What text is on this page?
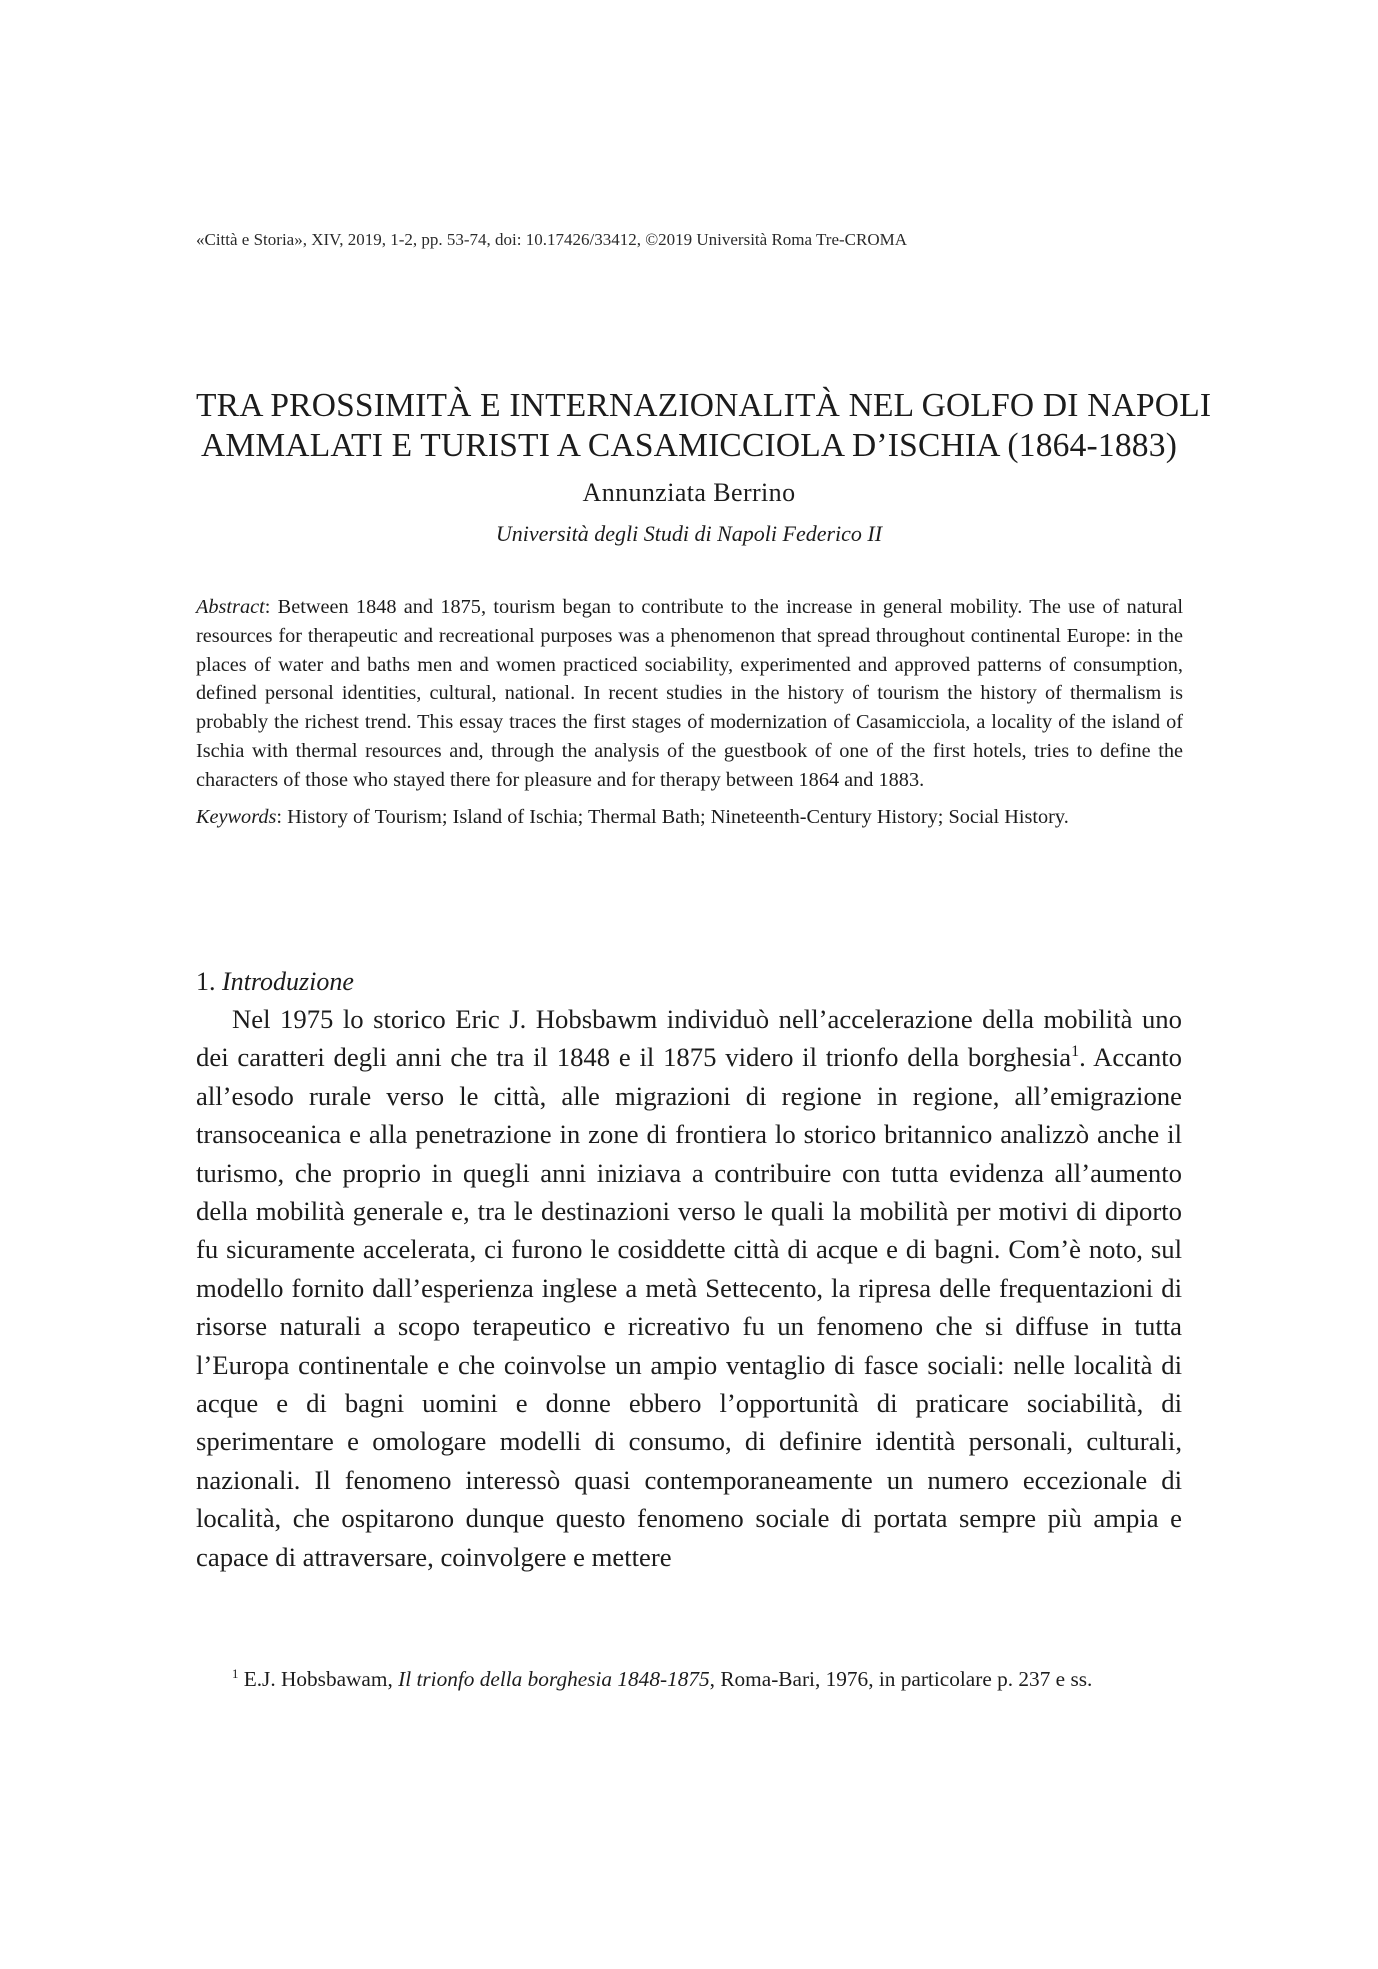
«Città e Storia», XIV, 2019, 1-2, pp. 53-74, doi: 10.17426/33412, ©2019 Università Roma Tre-CROMA
TRA PROSSIMITÀ E INTERNAZIONALITÀ NEL GOLFO DI NAPOLI
AMMALATI E TURISTI A CASAMICCIOLA D’ISCHIA (1864-1883)
Annunziata Berrino
Università degli Studi di Napoli Federico II

Abstract: Between 1848 and 1875, tourism began to contribute to the increase in general mobility. The use of natural resources for therapeutic and recreational purposes was a phenomenon that spread throughout continental Europe: in the places of water and baths men and women practiced sociability, experimented and approved patterns of consumption, defined personal identities, cultural, national. In recent studies in the history of tourism the history of thermalism is probably the richest trend. This essay traces the first stages of modernization of Casamicciola, a locality of the island of Ischia with thermal resources and, through the analysis of the guestbook of one of the first hotels, tries to define the characters of those who stayed there for pleasure and for therapy between 1864 and 1883.

Keywords: History of Tourism; Island of Ischia; Thermal Bath; Nineteenth-Century History; Social History.

1. Introduzione

Nel 1975 lo storico Eric J. Hobsbawm individuò nell’accelerazione della mobilità uno dei caratteri degli anni che tra il 1848 e il 1875 videro il trionfo della borghesia$^1$. Accanto all’esodo rurale verso le città, alle migrazioni di regione in regione, all’emigrazione transoceanica e alla penetrazione in zone di frontiera lo storico britannico analizzò anche il turismo, che proprio in quegli anni iniziava a contribuire con tutta evidenza all’aumento della mobilità generale e, tra le destinazioni verso le quali la mobilità per motivi di diporto fu sicuramente accelerata, ci furono le cosiddette città di acque e di bagni. Com’è noto, sul modello fornito dall’esperienza inglese a metà Settecento, la ripresa delle frequentazioni di risorse naturali a scopo terapeutico e ricreativo fu un fenomeno che si diffuse in tutta l’Europa continentale e che coinvolse un ampio ventaglio di fasce sociali: nelle località di acque e di bagni uomini e donne ebbero l’opportunità di praticare sociabilità, di sperimentare e omologare modelli di consumo, di definire identità personali, culturali, nazionali. Il fenomeno interessò quasi contemporaneamente un numero eccezionale di località, che ospitarono dunque questo fenomeno sociale di portata sempre più ampia e capace di attraversare, coinvolgere e mettere

$^1$ E.J. Hobsbawam, Il trionfo della borghesia 1848-1875, Roma-Bari, 1976, in particolare p. 237 e ss.
